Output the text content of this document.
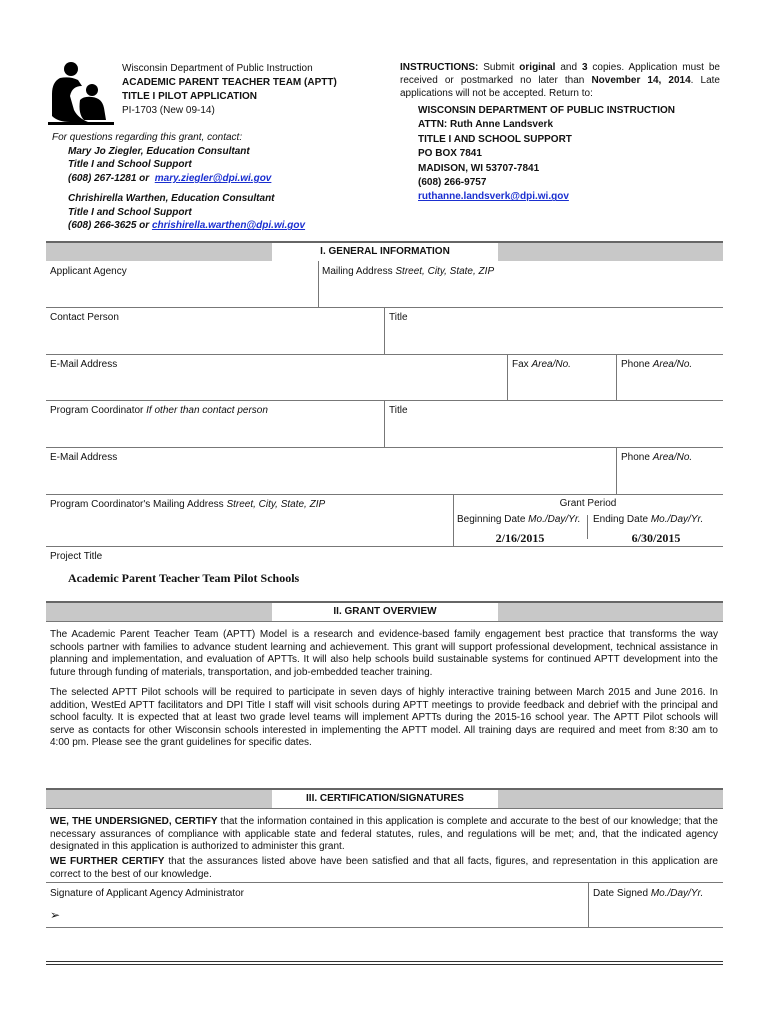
Wisconsin Department of Public Instruction
ACADEMIC PARENT TEACHER TEAM (APTT)
TITLE I PILOT APPLICATION
PI-1703 (New 09-14)
For questions regarding this grant, contact:
Mary Jo Ziegler, Education Consultant
Title I and School Support
(608) 267-1281 or mary.ziegler@dpi.wi.gov
Chrishirella Warthen, Education Consultant
Title I and School Support
(608) 266-3625 or chrishirella.warthen@dpi.wi.gov
INSTRUCTIONS: Submit original and 3 copies. Application must be received or postmarked no later than November 14, 2014. Late applications will not be accepted. Return to:
WISCONSIN DEPARTMENT OF PUBLIC INSTRUCTION
ATTN: Ruth Anne Landsverk
TITLE I AND SCHOOL SUPPORT
PO BOX 7841
MADISON, WI 53707-7841
(608) 266-9757
ruthanne.landsverk@dpi.wi.gov
I. GENERAL INFORMATION
Applicant Agency	Mailing Address Street, City, State, ZIP
Contact Person	Title
E-Mail Address	Fax Area/No.	Phone Area/No.
Program Coordinator If other than contact person	Title
E-Mail Address	Phone Area/No.
Program Coordinator's Mailing Address Street, City, State, ZIP	Grant Period
Beginning Date Mo./Day/Yr. Ending Date Mo./Day/Yr.
2/16/2015	6/30/2015
Project Title
Academic Parent Teacher Team Pilot Schools
II. GRANT OVERVIEW
The Academic Parent Teacher Team (APTT) Model is a research and evidence-based family engagement best practice that transforms the way schools partner with families to advance student learning and achievement. This grant will support professional development, technical assistance in planning and implementation, and evaluation of APTTs. It will also help schools build sustainable systems for continued APTT development into the future through funding of materials, transportation, and job-embedded teacher training.
The selected APTT Pilot schools will be required to participate in seven days of highly interactive training between March 2015 and June 2016. In addition, WestEd APTT facilitators and DPI Title I staff will visit schools during APTT meetings to provide feedback and debrief with the principal and school faculty. It is expected that at least two grade level teams will implement APTTs during the 2015-16 school year. The APTT Pilot schools will serve as contacts for other Wisconsin schools interested in implementing the APTT model. All training days are required and meet from 8:30 am to 4:00 pm. Please see the grant guidelines for specific dates.
III. CERTIFICATION/SIGNATURES
WE, THE UNDERSIGNED, CERTIFY that the information contained in this application is complete and accurate to the best of our knowledge; that the necessary assurances of compliance with applicable state and federal statutes, rules, and regulations will be met; and, that the indicated agency designated in this application is authorized to administer this grant.
WE FURTHER CERTIFY that the assurances listed above have been satisfied and that all facts, figures, and representation in this application are correct to the best of our knowledge.
Signature of Applicant Agency Administrator	Date Signed Mo./Day/Yr.
➢
